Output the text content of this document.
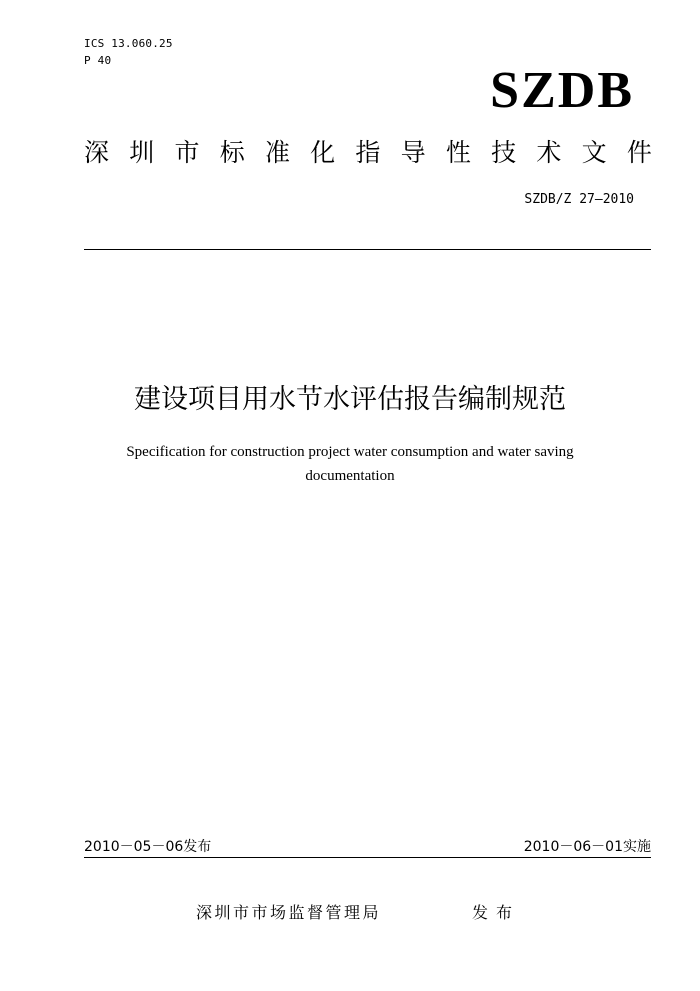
ICS 13.060.25
P 40
SZDB
深 圳 市 标 准 化 指 导 性 技 术 文 件
SZDB/Z 27—2010
建设项目用水节水评估报告编制规范
Specification for construction project water consumption and water saving documentation
2010－05－06发布	2010－06－01实施
深圳市市场监督管理局	发布
